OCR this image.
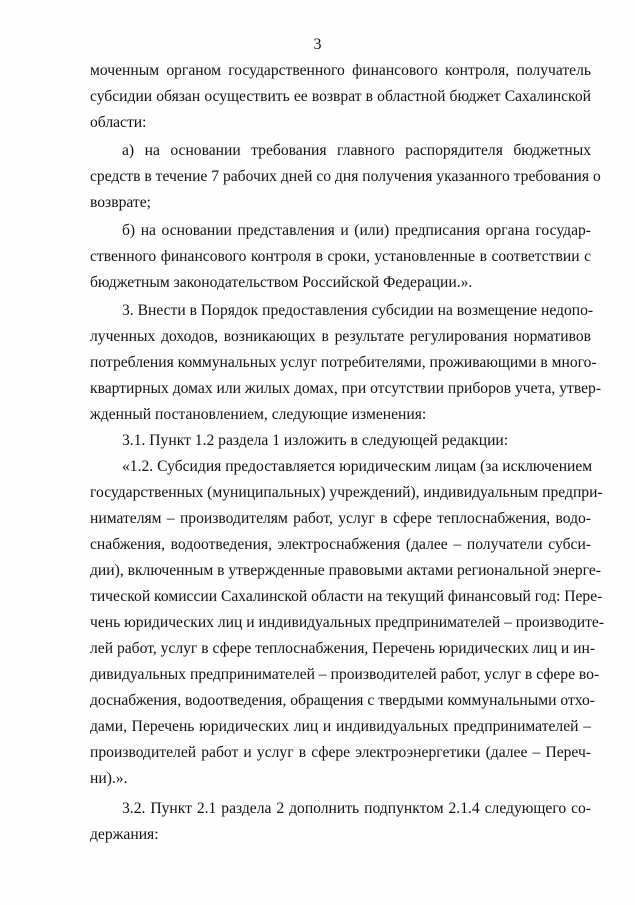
3
моченным органом государственного финансового контроля, получатель
субсидии обязан осуществить ее возврат в областной бюджет Сахалинской
области:
а) на основании требования главного распорядителя бюджетных
средств в течение 7 рабочих дней со дня получения указанного требования о
возврате;
б) на основании представления и (или) предписания органа государ-
ственного финансового контроля в сроки, установленные в соответствии с
бюджетным законодательством Российской Федерации.».
3. Внести в Порядок предоставления субсидии на возмещение недопо-
лученных доходов, возникающих в результате регулирования нормативов
потребления коммунальных услуг потребителями, проживающими в много-
квартирных домах или жилых домах, при отсутствии приборов учета, утвер-
жденный постановлением, следующие изменения:
3.1. Пункт 1.2 раздела 1 изложить в следующей редакции:
«1.2. Субсидия предоставляется юридическим лицам (за исключением
государственных (муниципальных) учреждений), индивидуальным предпри-
нимателям – производителям работ, услуг в сфере теплоснабжения, водо-
снабжения, водоотведения, электроснабжения (далее – получатели субси-
дии), включенным в утвержденные правовыми актами региональной энерге-
тической комиссии Сахалинской области на текущий финансовый год: Пере-
чень юридических лиц и индивидуальных предпринимателей – производите-
лей работ, услуг в сфере теплоснабжения, Перечень юридических лиц и ин-
дивидуальных предпринимателей – производителей работ, услуг в сфере во-
доснабжения, водоотведения, обращения с твердыми коммунальными отхо-
дами, Перечень юридических лиц и индивидуальных предпринимателей –
производителей работ и услуг в сфере электроэнергетики (далее – Переч-
ни).».
3.2. Пункт 2.1 раздела 2 дополнить подпунктом 2.1.4 следующего со-
держания:
